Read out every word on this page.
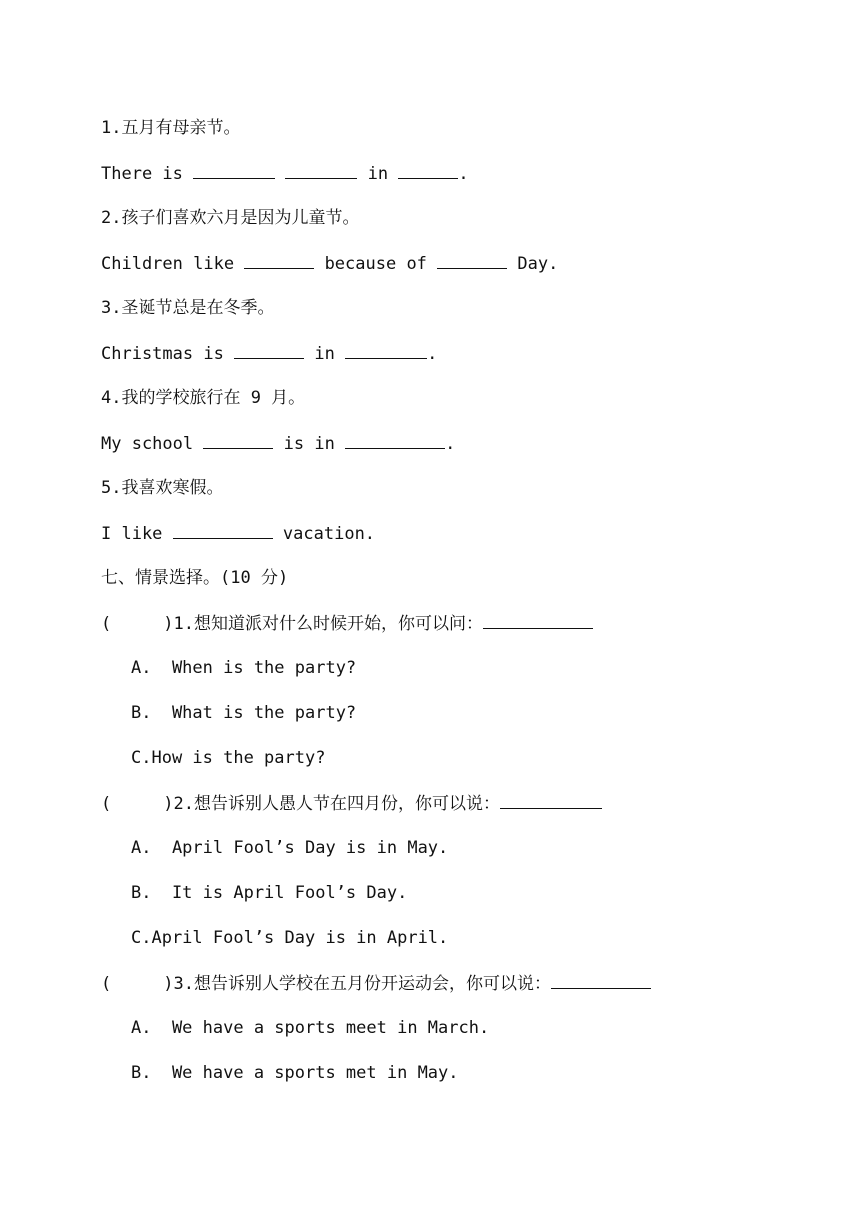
1.五月有母亲节。
There is	in	.
2.孩子们喜欢六月是因为儿童节。
Children like	because of	Day.
3.圣诞节总是在冬季。
Christmas is	in	.
4.我的学校旅行在 9 月。
My school	is in	.
5.我喜欢寒假。
I like	vacation.
七、情景选择。(10 分)
(	)1.想知道派对什么时候开始，你可以问：
A.  When is the party?
B.  What is the party?
C.How is the party?
(	)2.想告诉别人愚人节在四月份，你可以说：
A.  April Fool’s Day is in May.
B.  It is April Fool’s Day.
C.April Fool’s Day is in April.
(	)3.想告诉别人学校在五月份开运动会，你可以说：
A.  We have a sports meet in March.
B.  We have a sports met in May.
